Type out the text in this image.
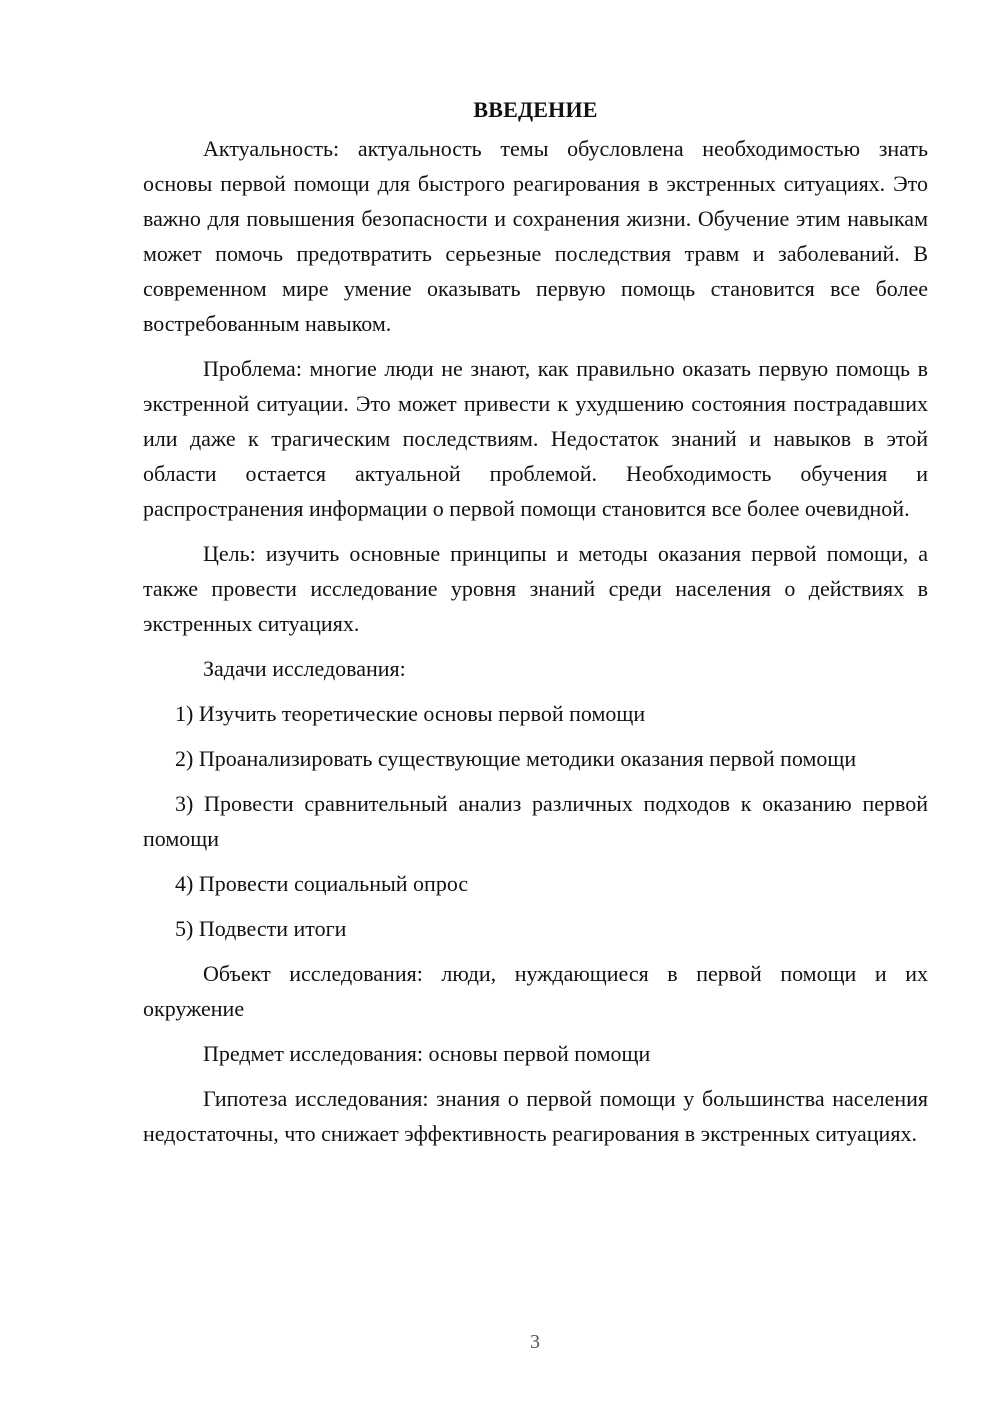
ВВЕДЕНИЕ

Актуальность: актуальность темы обусловлена необходимостью знать основы первой помощи для быстрого реагирования в экстренных ситуациях. Это важно для повышения безопасности и сохранения жизни. Обучение этим навыкам может помочь предотвратить серьезные последствия травм и заболеваний. В современном мире умение оказывать первую помощь становится все более востребованным навыком.

Проблема: многие люди не знают, как правильно оказать первую помощь в экстренной ситуации. Это может привести к ухудшению состояния пострадавших или даже к трагическим последствиям. Недостаток знаний и навыков в этой области остается актуальной проблемой. Необходимость обучения и распространения информации о первой помощи становится все более очевидной.

Цель: изучить основные принципы и методы оказания первой помощи, а также провести исследование уровня знаний среди населения о действиях в экстренных ситуациях.

Задачи исследования:

1) Изучить теоретические основы первой помощи

2) Проанализировать существующие методики оказания первой помощи

3) Провести сравнительный анализ различных подходов к оказанию первой помощи

4) Провести социальный опрос

5) Подвести итоги

Объект исследования: люди, нуждающиеся в первой помощи и их окружение

Предмет исследования: основы первой помощи

Гипотеза исследования: знания о первой помощи у большинства населения недостаточны, что снижает эффективность реагирования в экстренных ситуациях.

3
